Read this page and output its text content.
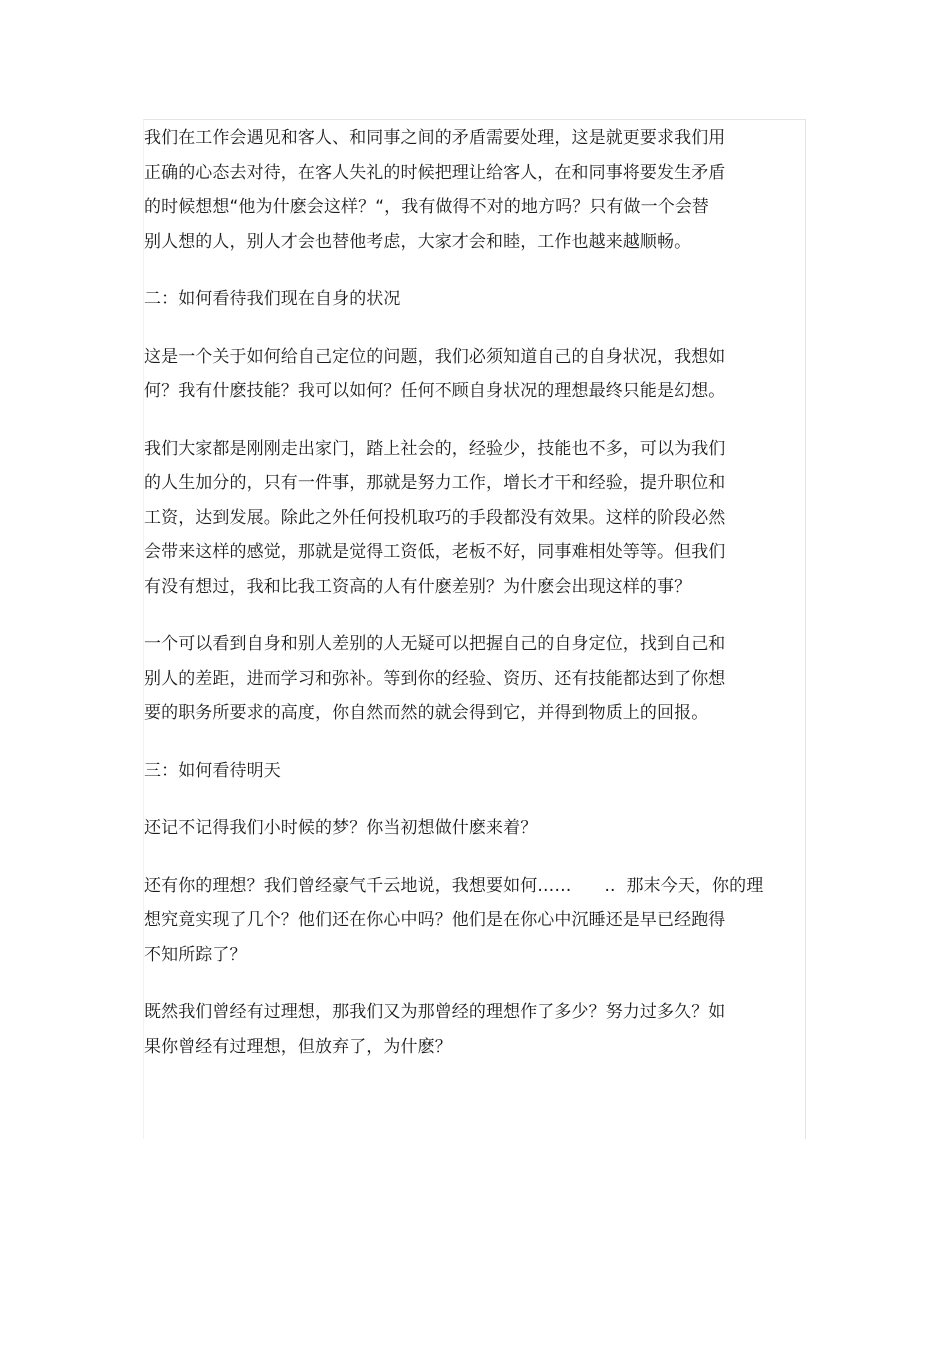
我们在工作会遇见和客人、和同事之间的矛盾需要处理，这是就更要求我们用
正确的心态去对待，在客人失礼的时候把理让给客人，在和同事将要发生矛盾
的时候想想“他为什麽会这样？“，我有做得不对的地方吗？只有做一个会替
别人想的人，别人才会也替他考虑，大家才会和睦，工作也越来越顺畅。
二：如何看待我们现在自身的状况
这是一个关于如何给自己定位的问题，我们必须知道自己的自身状况，我想如
何？我有什麽技能？我可以如何？任何不顾自身状况的理想最终只能是幻想。
我们大家都是刚刚走出家门，踏上社会的，经验少，技能也不多，可以为我们
的人生加分的，只有一件事，那就是努力工作，增长才干和经验，提升职位和
工资，达到发展。除此之外任何投机取巧的手段都没有效果。这样的阶段必然
会带来这样的感觉，那就是觉得工资低，老板不好，同事难相处等等。但我们
有没有想过，我和比我工资高的人有什麽差别？为什麽会出现这样的事？
一个可以看到自身和别人差别的人无疑可以把握自己的自身定位，找到自己和
别人的差距，进而学习和弥补。等到你的经验、资历、还有技能都达到了你想
要的职务所要求的高度，你自然而然的就会得到它，并得到物质上的回报。
三：如何看待明天
还记不记得我们小时候的梦？你当初想做什麽来着？
还有你的理想？我们曾经豪气千云地说，我想要如何……      ..  那末今天，你的理
想究竟实现了几个？他们还在你心中吗？他们是在你心中沉睡还是早已经跑得
不知所踪了？
既然我们曾经有过理想，那我们又为那曾经的理想作了多少？努力过多久？如
果你曾经有过理想，但放弃了，为什麽？
